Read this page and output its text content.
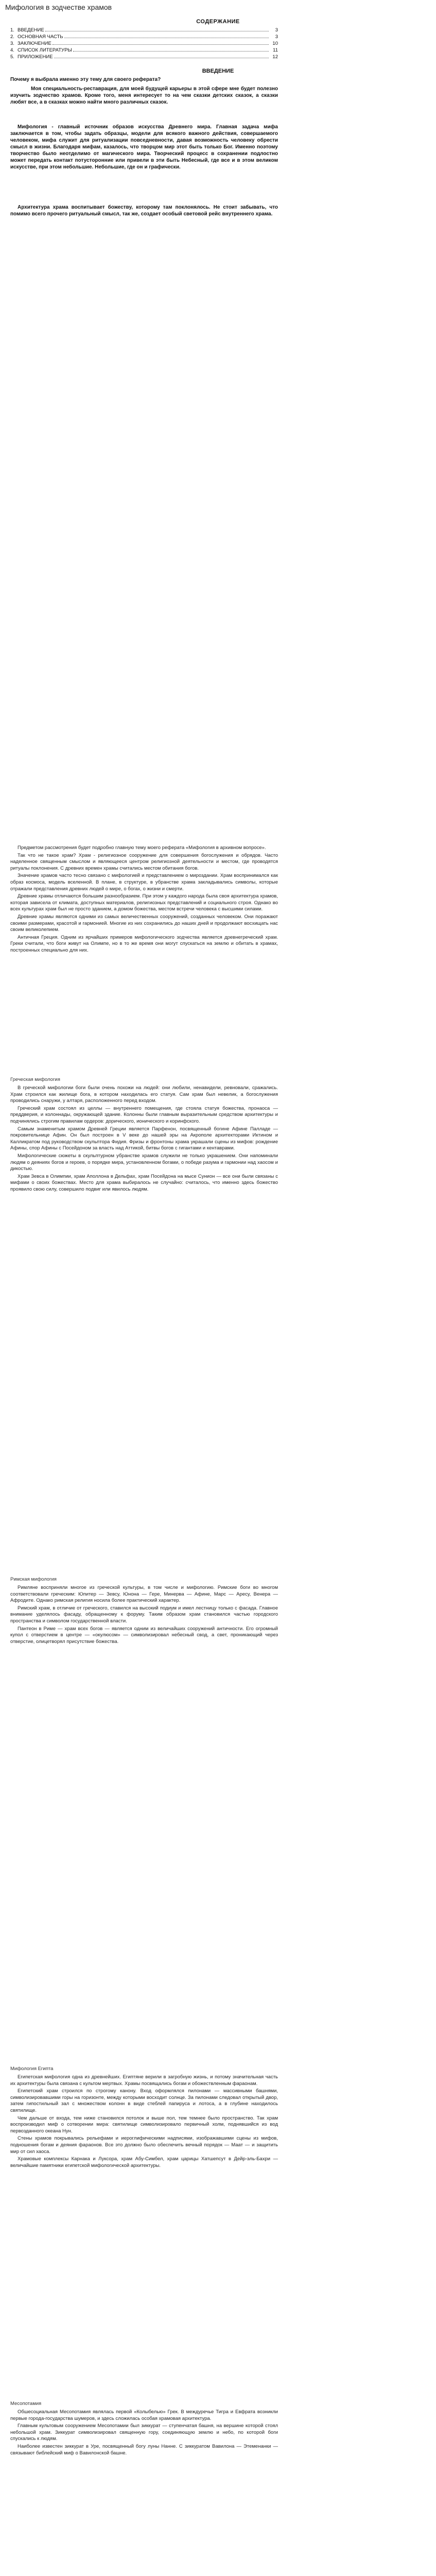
Мифология в зодчестве храмов
СОДЕРЖАНИЕ
1. ВВЕДЕНИЕ	3
2. ОСНОВНАЯ ЧАСТЬ	3
3. ЗАКЛЮЧЕНИЕ	10
4. СПИСОК ЛИТЕРАТУРЫ	11
5. ПРИЛОЖЕНИЕ	12
ВВЕДЕНИЕ
Почему я выбрала именно эту тему для своего реферата?
Моя специальность-реставрация, для моей будущей карьеры в этой сфере мне будет полезно изучить зодчество храмов. Кроме того, меня интересует то на чем сказки детских сказок, а сказки любят все, а в сказках можно найти много различных сказок.
Мифология - главный источник образов искусства Древнего мира. Главная задача мифа заключается в том, чтобы задать образцы, модели для всякого важного действия, совершаемого человеком, мифа служит для ритуализации повседневности, давая возможность человеку обрести смысл в жизни. Благодаря мифам, казалось, что творцом мир этот быть только Бог. Именно поэтому творчество было неотделимо от магического мира. Творческий процесс в сохранении подлостно может передать контакт потусторонние или привели в эти быть Небесный, где все и в этом великом искусстве, при этом небольшие. Небольшие, где он и графически.
Архитектура храма воспитывает божеству, которому там поклонялось. Не стоит забывать, что помимо всего прочего ритуальный смысл, так же, создает особый световой рейс внутреннего храма.

Предметом рассмотрения будет подробно главную тему моего реферата «Мифология в архивном вопросе».

Так что не такое храм? Храм - религиозное сооружение для совершения богослужения и обрядов. Часто наделенное священным смыслом и являющееся центром религиозной деятельности и местом, где проводятся ритуалы поклонения. С древних времен храмы считались местом обитания богов.

Значение храмов часто тесно связано с мифологией и представлением о мироздании. Храм воспринимался как образ космоса, модель вселенной. В плане, в структуре, в убранстве храма закладывались символы, которые отражали представления древних людей о мире, о богах, о жизни и смерти.

Древние храмы отличаются большим разнообразием. При этом у каждого народа была своя архитектура храмов, которая зависела от климата, доступных материалов, религиозных представлений и социального строя. Однако во всех культурах храм был не просто зданием, а домом божества, местом встречи человека с высшими силами.

Древние храмы являются одними из самых величественных сооружений, созданных человеком. Они поражают своими размерами, красотой и гармонией. Многие из них сохранились до наших дней и продолжают восхищать нас своим великолепием.

Античная Греция. Одним из ярчайших примеров мифологического зодчества является древнегреческий храм. Греки считали, что боги живут на Олимпе, но в то же время они могут спускаться на землю и обитать в храмах, построенных специально для них.

Греческая мифология

В греческой мифологии боги были очень похожи на людей: они любили, ненавидели, ревновали, сражались. Храм строился как жилище бога, в котором находилась его статуя. Сам храм был невелик, а богослужения проводились снаружи, у алтаря, расположенного перед входом.

Греческий храм состоял из целлы — внутреннего помещения, где стояла статуя божества, пронаоса — преддверия, и колоннады, окружающей здание. Колонны были главным выразительным средством архитектуры и подчинялись строгим правилам ордеров: дорического, ионического и коринфского.

Самым знаменитым храмом Древней Греции является Парфенон, посвященный богине Афине Палладе — покровительнице Афин. Он был построен в V веке до нашей эры на Акрополе архитекторами Иктином и Калликратом под руководством скульптора Фидия. Фризы и фронтоны храма украшали сцены из мифов: рождение Афины, спор Афины с Посейдоном за власть над Аттикой, битвы богов с гигантами и кентаврами.

Мифологические сюжеты в скульптурном убранстве храмов служили не только украшением. Они напоминали людям о деяниях богов и героев, о порядке мира, установленном богами, о победе разума и гармонии над хаосом и дикостью.

Храм Зевса в Олимпии, храм Аполлона в Дельфах, храм Посейдона на мысе Сунион — все они были связаны с мифами о своих божествах. Место для храма выбиралось не случайно: считалось, что именно здесь божество проявило свою силу, совершило подвиг или явилось людям.

Римская мифология

Римляне восприняли многое из греческой культуры, в том числе и мифологию. Римские боги во многом соответствовали греческим: Юпитер — Зевсу, Юнона — Гере, Минерва — Афине, Марс — Аресу, Венера — Афродите. Однако римская религия носила более практический характер.

Римский храм, в отличие от греческого, ставился на высокий подиум и имел лестницу только с фасада. Главное внимание уделялось фасаду, обращенному к форуму. Таким образом храм становился частью городского пространства и символом государственной власти.

Пантеон в Риме — храм всех богов — является одним из величайших сооружений античности. Его огромный купол с отверстием в центре — «окулюсом» — символизировал небесный свод, а свет, проникающий через отверстие, олицетворял присутствие божества.

Мифология Египта

Египетская мифология одна из древнейших. Египтяне верили в загробную жизнь, и потому значительная часть их архитектуры была связана с культом мертвых. Храмы посвящались богам и обожествленным фараонам.

Египетский храм строился по строгому канону. Вход оформлялся пилонами — массивными башнями, символизировавшими горы на горизонте, между которыми восходит солнце. За пилонами следовал открытый двор, затем гипостильный зал с множеством колонн в виде стеблей папируса и лотоса, а в глубине находилось святилище.

Чем дальше от входа, тем ниже становился потолок и выше пол, тем темнее было пространство. Так храм воспроизводил миф о сотворении мира: святилище символизировало первичный холм, поднявшийся из вод первозданного океана Нун.

Стены храмов покрывались рельефами и иероглифическими надписями, изображавшими сцены из мифов, подношения богам и деяния фараонов. Все это должно было обеспечить вечный порядок — Маат — и защитить мир от сил хаоса.

Храмовые комплексы Карнака и Луксора, храм Абу-Симбел, храм царицы Хатшепсут в Дейр-эль-Бахри — величайшие памятники египетской мифологической архитектуры.

Месопотамия

Обшесоциальная Месопотамия являлась первой «Колыбелью» Грек. В междуречье Тигра и Евфрата возникли первые города-государства шумеров, и здесь сложилась особая храмовая архитектура.

Главным культовым сооружением Месопотамии был зиккурат — ступенчатая башня, на вершине которой стоял небольшой храм. Зиккурат символизировал священную гору, соединяющую землю и небо, по которой боги спускались к людям.

Наиболее известен зиккурат в Уре, посвященный богу луны Нанне. С зиккуратом Вавилона — Этеменанки — связывают библейский миф о Вавилонской башне.
